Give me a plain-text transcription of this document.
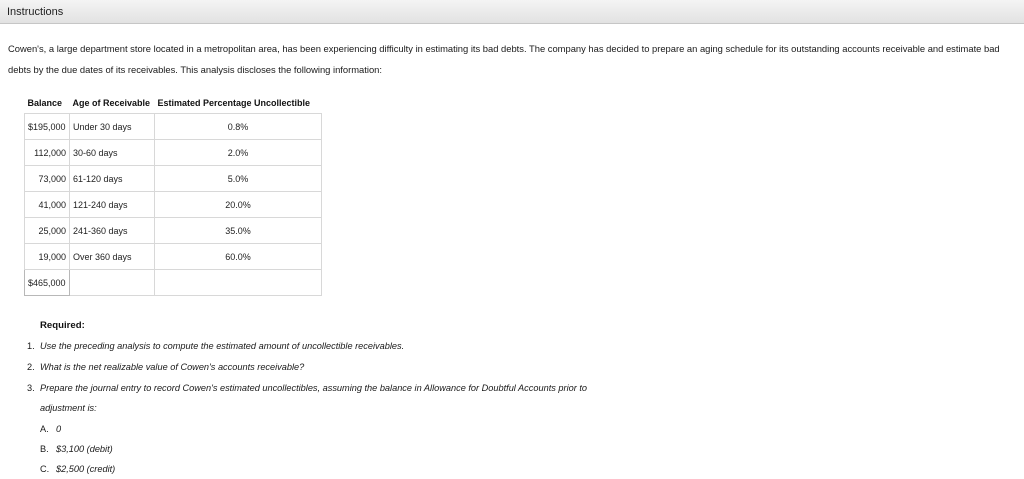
Instructions
Cowen's, a large department store located in a metropolitan area, has been experiencing difficulty in estimating its bad debts. The company has decided to prepare an aging schedule for its outstanding accounts receivable and estimate bad debts by the due dates of its receivables. This analysis discloses the following information:
Balance	Age of Receivable	Estimated Percentage Uncollectible
$195,000	Under 30 days	0.8%
112,000	30-60 days	2.0%
73,000	61-120 days	5.0%
41,000	121-240 days	20.0%
25,000	241-360 days	35.0%
19,000	Over 360 days	60.0%
$465,000		
Required:
1. Use the preceding analysis to compute the estimated amount of uncollectible receivables.
2. What is the net realizable value of Cowen's accounts receivable?
3. Prepare the journal entry to record Cowen's estimated uncollectibles, assuming the balance in Allowance for Doubtful Accounts prior to
adjustment is:
A. 0
B. $3,100 (debit)
C. $2,500 (credit)
